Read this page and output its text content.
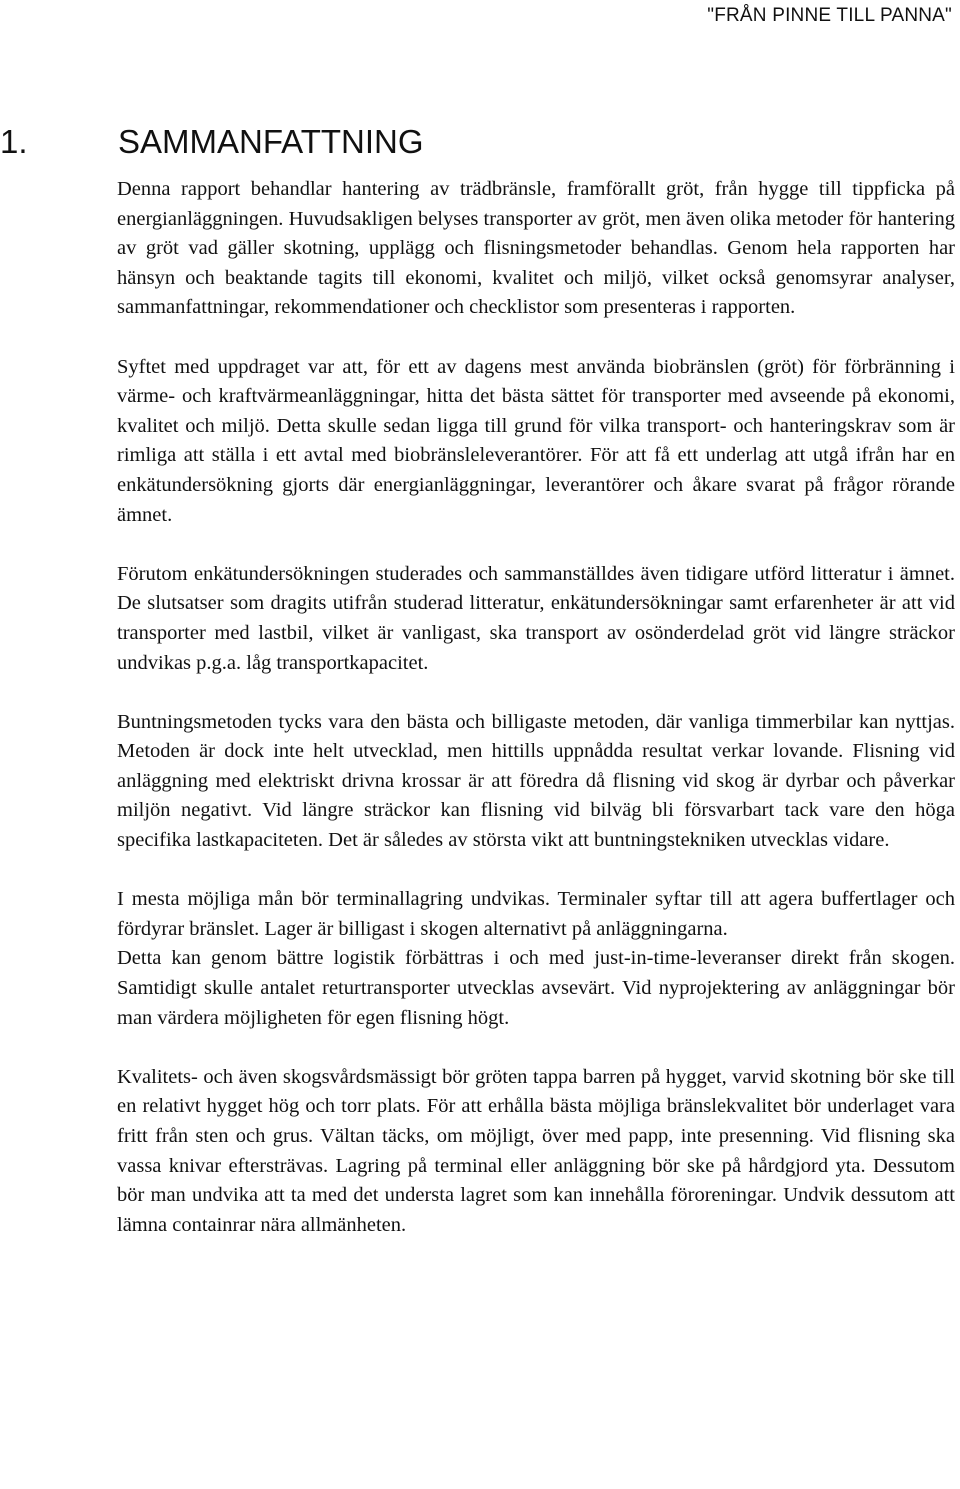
"FRÅN PINNE TILL PANNA"
1.	SAMMANFATTNING

Denna rapport behandlar hantering av trädbränsle, framförallt gröt, från hygge till tippficka på energianläggningen. Huvudsakligen belyses transporter av gröt, men även olika metoder för hantering av gröt vad gäller skotning, upplägg och flisningsmetoder behandlas. Genom hela rapporten har hänsyn och beaktande tagits till ekonomi, kvalitet och miljö, vilket också genomsyrar analyser, sammanfattningar, rekommendationer och checklistor som presenteras i rapporten.

Syftet med uppdraget var att, för ett av dagens mest använda biobränslen (gröt) för förbränning i värme- och kraftvärmeanläggningar, hitta det bästa sättet för transporter med avseende på ekonomi, kvalitet och miljö. Detta skulle sedan ligga till grund för vilka transport- och hanteringskrav som är rimliga att ställa i ett avtal med biobränsleleverantörer. För att få ett underlag att utgå ifrån har en enkätundersökning gjorts där energianläggningar, leverantörer och åkare svarat på frågor rörande ämnet.

Förutom enkätundersökningen studerades och sammanställdes även tidigare utförd litteratur i ämnet. De slutsatser som dragits utifrån studerad litteratur, enkätundersökningar samt erfarenheter är att vid transporter med lastbil, vilket är vanligast, ska transport av osönderdelad gröt vid längre sträckor undvikas p.g.a. låg transportkapacitet.

Buntningsmetoden tycks vara den bästa och billigaste metoden, där vanliga timmerbilar kan nyttjas. Metoden är dock inte helt utvecklad, men hittills uppnådda resultat verkar lovande. Flisning vid anläggning med elektriskt drivna krossar är att föredra då flisning vid skog är dyrbar och påverkar miljön negativt. Vid längre sträckor kan flisning vid bilväg bli försvarbart tack vare den höga specifika lastkapaciteten. Det är således av största vikt att buntningstekniken utvecklas vidare.

I mesta möjliga mån bör terminallagring undvikas. Terminaler syftar till att agera buffertlager och fördyrar bränslet. Lager är billigast i skogen alternativt på anläggningarna.

Detta kan genom bättre logistik förbättras i och med just-in-time-leveranser direkt från skogen. Samtidigt skulle antalet returtransporter utvecklas avsevärt. Vid nyprojektering av anläggningar bör man värdera möjligheten för egen flisning högt.

Kvalitets- och även skogsvårdsmässigt bör gröten tappa barren på hygget, varvid skotning bör ske till en relativt hygget hög och torr plats. För att erhålla bästa möjliga bränslekvalitet bör underlaget vara fritt från sten och grus. Vältan täcks, om möjligt, över med papp, inte presenning. Vid flisning ska vassa knivar eftersträvas. Lagring på terminal eller anläggning bör ske på hårdgjord yta. Dessutom bör man undvika att ta med det understa lagret som kan innehålla föroreningar. Undvik dessutom att lämna containrar nära allmänheten.
